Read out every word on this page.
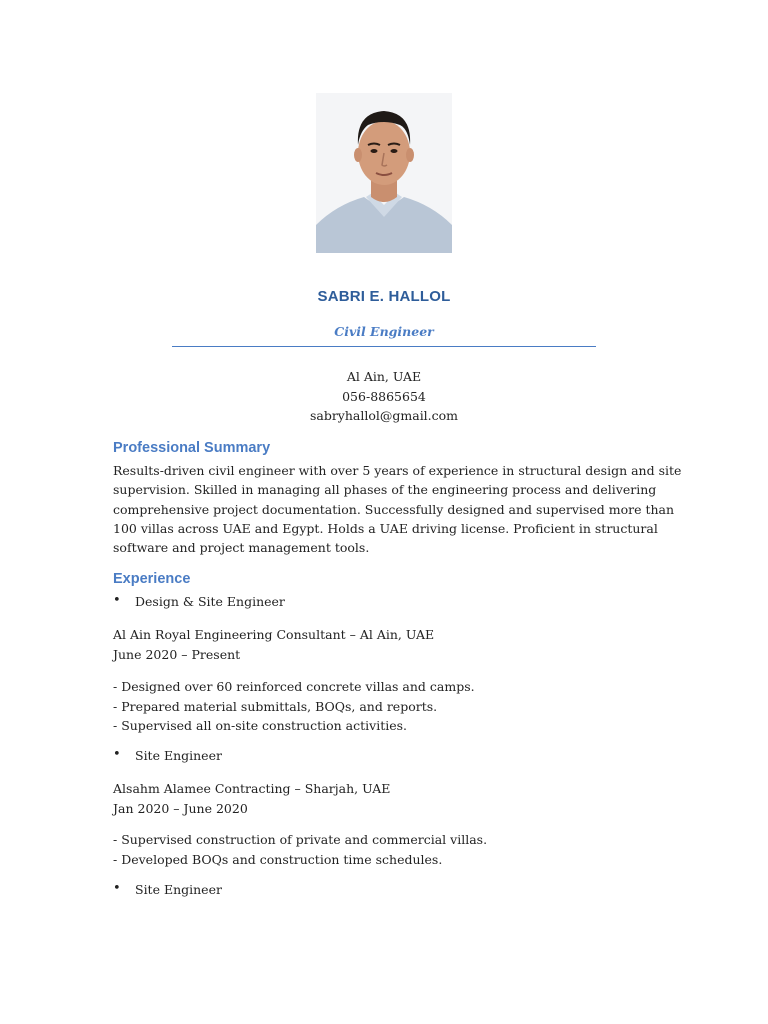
SABRI E. HALLOL
Civil Engineer
Al Ain, UAE
056-8865654
sabryhallol@gmail.com
Professional Summary
Results-driven civil engineer with over 5 years of experience in structural design and site
supervision. Skilled in managing all phases of the engineering process and delivering
comprehensive project documentation. Successfully designed and supervised more than
100 villas across UAE and Egypt. Holds a UAE driving license. Proficient in structural
software and project management tools.
Experience
• Design & Site Engineer
Al Ain Royal Engineering Consultant – Al Ain, UAE
June 2020 – Present
- Designed over 60 reinforced concrete villas and camps.
- Prepared material submittals, BOQs, and reports.
- Supervised all on-site construction activities.
• Site Engineer
Alsahm Alamee Contracting – Sharjah, UAE
Jan 2020 – June 2020
- Supervised construction of private and commercial villas.
- Developed BOQs and construction time schedules.
• Site Engineer
